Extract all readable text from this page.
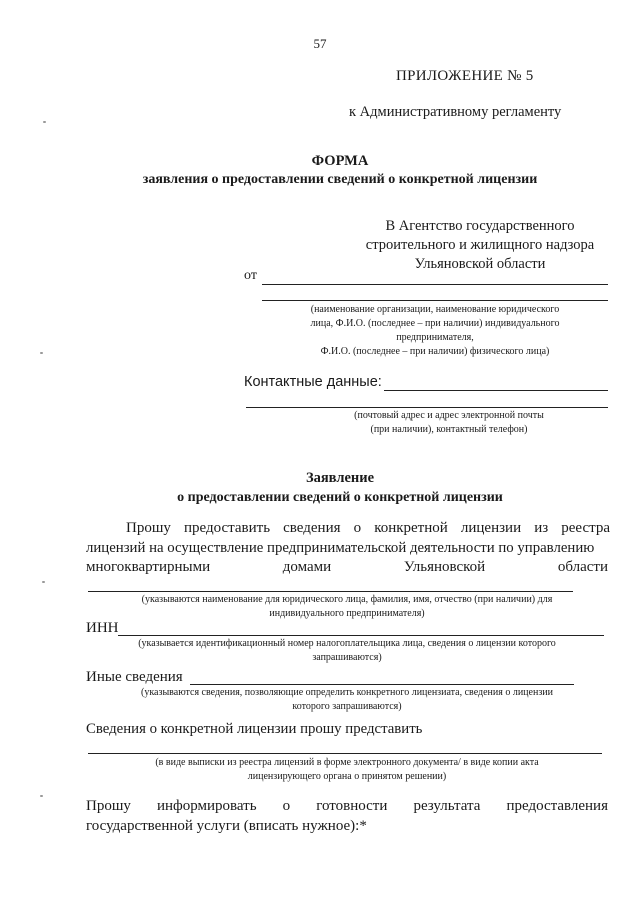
57
ПРИЛОЖЕНИЕ № 5
к Административному регламенту
ФОРМА
заявления о предоставлении сведений о конкретной лицензии
В Агентство государственного
строительного и жилищного надзора
Ульяновской области
от
(наименование организации, наименование юридического
лица, Ф.И.О. (последнее – при наличии) индивидуального
предпринимателя,
Ф.И.О. (последнее – при наличии) физического лица)
Контактные данные:
(почтовый адрес и адрес электронной почты
(при наличии), контактный телефон)
Заявление
о предоставлении сведений о конкретной лицензии
Прошу предоставить сведения о конкретной лицензии из реестра
лицензий на осуществление предпринимательской деятельности по управлению
многоквартирными	домами	Ульяновской	области
(указываются наименование для юридического лица, фамилия, имя, отчество (при наличии) для
индивидуального предпринимателя)
ИНН
(указывается идентификационный номер налогоплательщика лица, сведения о лицензии которого
запрашиваются)
Иные сведения
(указываются сведения, позволяющие определить конкретного лицензиата, сведения о лицензии
которого запрашиваются)
Сведения о конкретной лицензии прошу представить
(в виде выписки из реестра лицензий в форме электронного документа/ в виде копии акта
лицензирующего органа о принятом решении)
Прошу информировать о готовности результата предоставления
государственной услуги (вписать нужное):*
